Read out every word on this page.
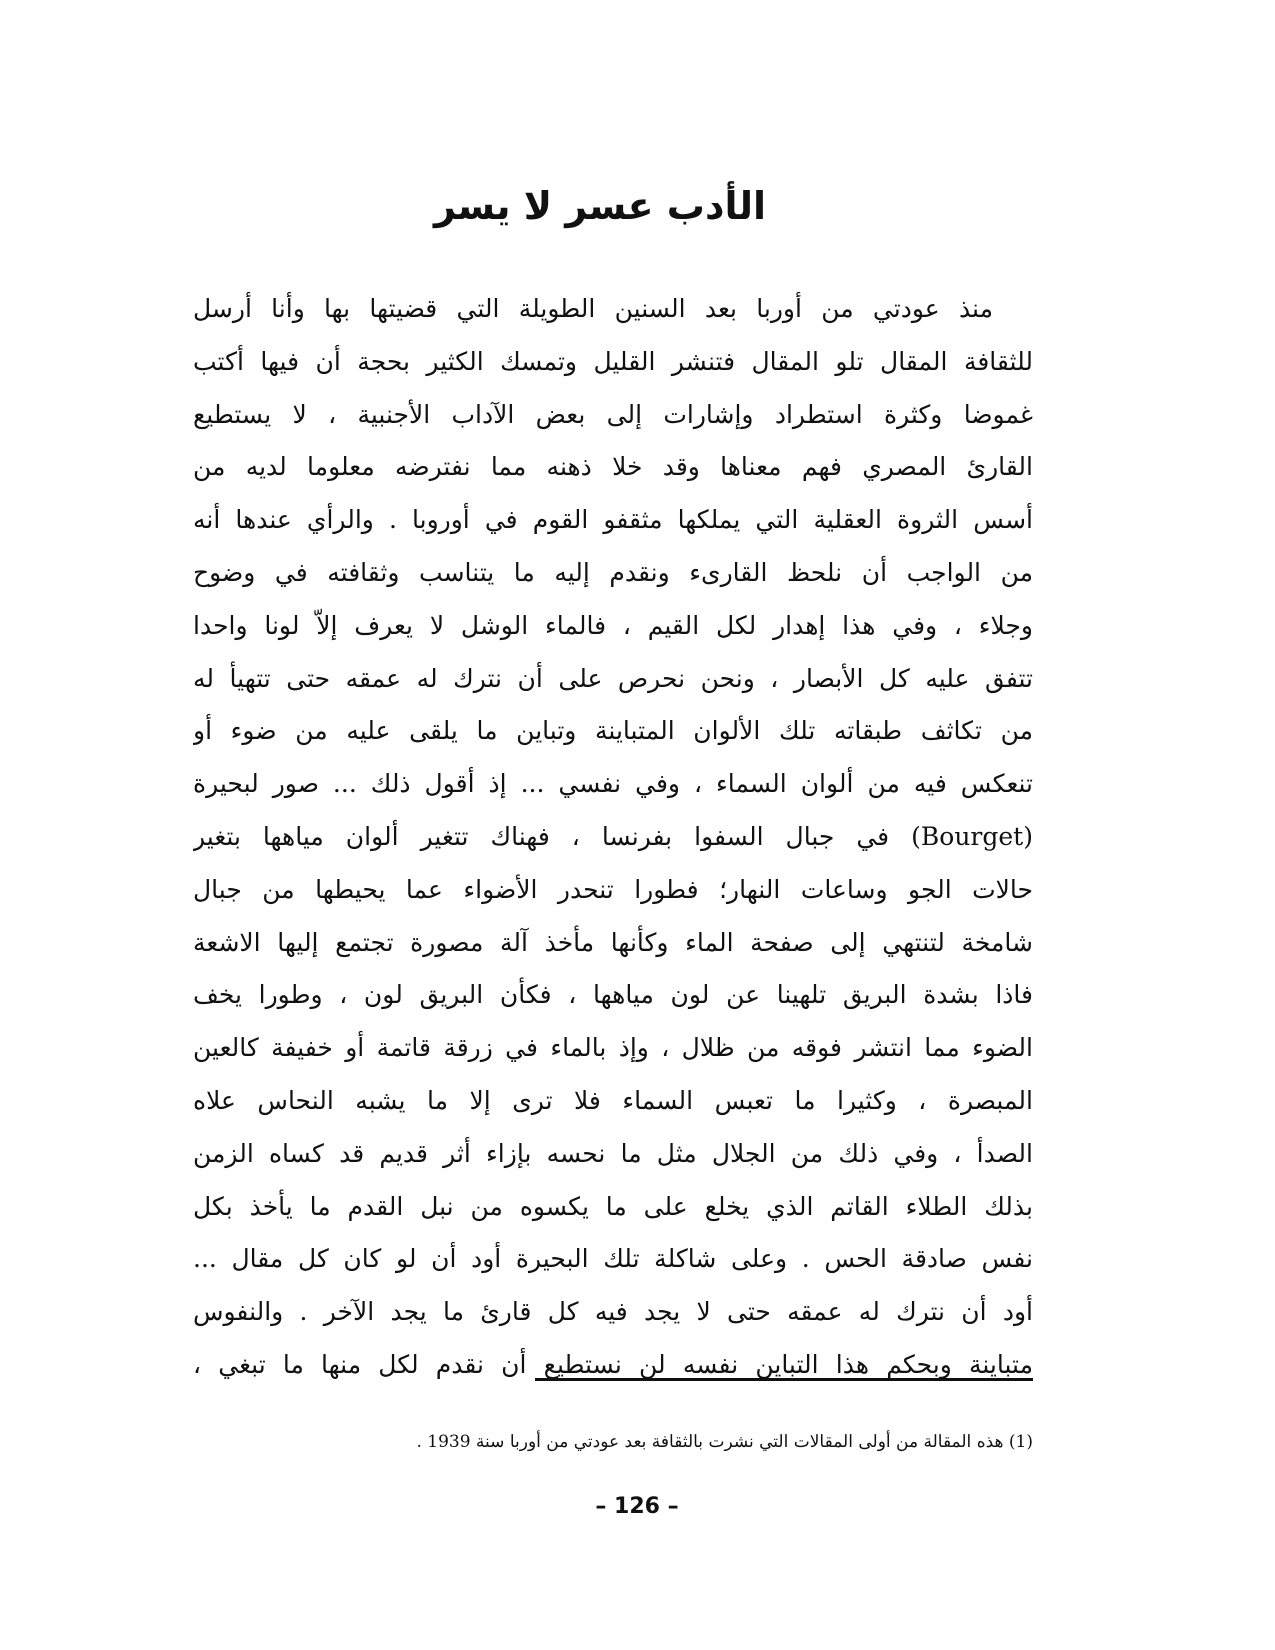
الأدب عسر لا يسر
منذ عودتي من أوربا بعد السنين الطويلة التي قضيتها بها وأنا أرسل
للثقافة المقال تلو المقال فتنشر القليل وتمسك الكثير بحجة أن فيها أكتب
غموضا وكثرة استطراد وإشارات إلى بعض الآداب الأجنبية ، لا يستطيع
القارئ المصري فهم معناها وقد خلا ذهنه مما نفترضه معلوما لديه من
أسس الثروة العقلية التي يملكها مثقفو القوم في أوروبا . والرأي عندها أنه
من الواجب أن نلحظ القارىء ونقدم إليه ما يتناسب وثقافته في وضوح
وجلاء ، وفي هذا إهدار لكل القيم ، فالماء الوشل لا يعرف إلاّ لونا واحدا
تتفق عليه كل الأبصار ، ونحن نحرص على أن نترك له عمقه حتى تتهيأ له
من تكاثف طبقاته تلك الألوان المتباينة وتباين ما يلقى عليه من ضوء أو
تنعكس فيه من ألوان السماء ، وفي نفسي ... إذ أقول ذلك ... صور لبحيرة
(Bourget) في جبال السفوا بفرنسا ، فهناك تتغير ألوان مياهها بتغير
حالات الجو وساعات النهار؛ فطورا تنحدر الأضواء عما يحيطها من جبال
شامخة لتنتهي إلى صفحة الماء وكأنها مأخذ آلة مصورة تجتمع إليها الاشعة
فاذا بشدة البريق تلهينا عن لون مياهها ، فكأن البريق لون ، وطورا يخف
الضوء مما انتشر فوقه من ظلال ، وإذ بالماء في زرقة قاتمة أو خفيفة كالعين
المبصرة ، وكثيرا ما تعبس السماء فلا ترى إلا ما يشبه النحاس علاه
الصدأ ، وفي ذلك من الجلال مثل ما نحسه بإزاء أثر قديم قد كساه الزمن
بذلك الطلاء القاتم الذي يخلع على ما يكسوه من نبل القدم ما يأخذ بكل
نفس صادقة الحس . وعلى شاكلة تلك البحيرة أود أن لو كان كل مقال ...
أود أن نترك له عمقه حتى لا يجد فيه كل قارئ ما يجد الآخر . والنفوس
متباينة وبحكم هذا التباين نفسه لن نستطيع أن نقدم لكل منها ما تبغي ،
(1) هذه المقالة من أولى المقالات التي نشرت بالثقافة بعد عودتي من أوربا سنة 1939 .
– 126 –
